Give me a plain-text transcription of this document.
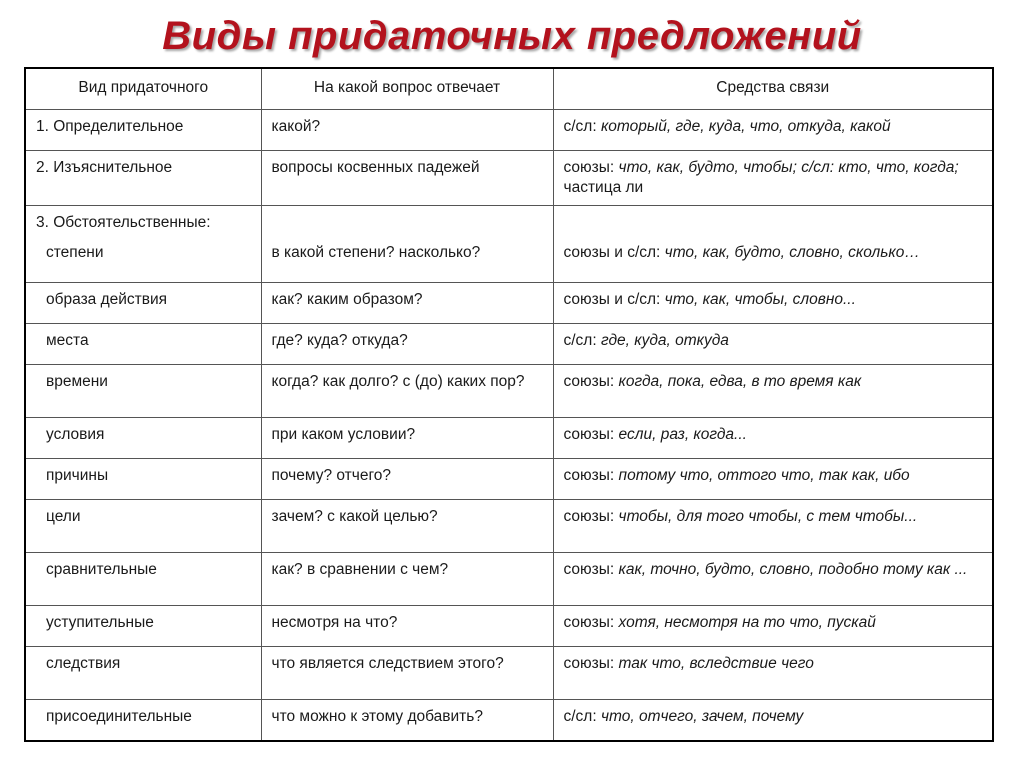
Виды придаточных предложений
Вид придаточного	На какой вопрос отвечает	Средства связи
1. Определительное	какой?	с/сл: который, где, куда, что, откуда, какой
2. Изъяснительное	вопросы косвенных падежей	союзы: что, как, будто, чтобы; с/сл: кто, что, когда; частица ли

3. Обстоятельственные:
степени	в какой степени? насколько?	союзы и с/сл: что, как, будто, словно, сколько…
образа действия	как? каким образом?	союзы и с/сл: что, как, чтобы, словно...
места	где? куда? откуда?	с/сл: где, куда, откуда
времени	когда? как долго? с (до) каких пор?	союзы: когда, пока, едва, в то время как
условия	при каком условии?	союзы: если, раз, когда...
причины	почему? отчего?	союзы: потому что, оттого что, так как, ибо
цели	зачем? с какой целью?	союзы: чтобы, для того чтобы, с тем чтобы...
сравнительные	как? в сравнении с чем?	союзы: как, точно, будто, словно, подобно тому как ...
уступительные	несмотря на что?	союзы: хотя, несмотря на то что, пускай
следствия	что является следствием этого?	союзы: так что, вследствие чего
присоединительные	что можно к этому добавить?	с/сл: что, отчего, зачем, почему
